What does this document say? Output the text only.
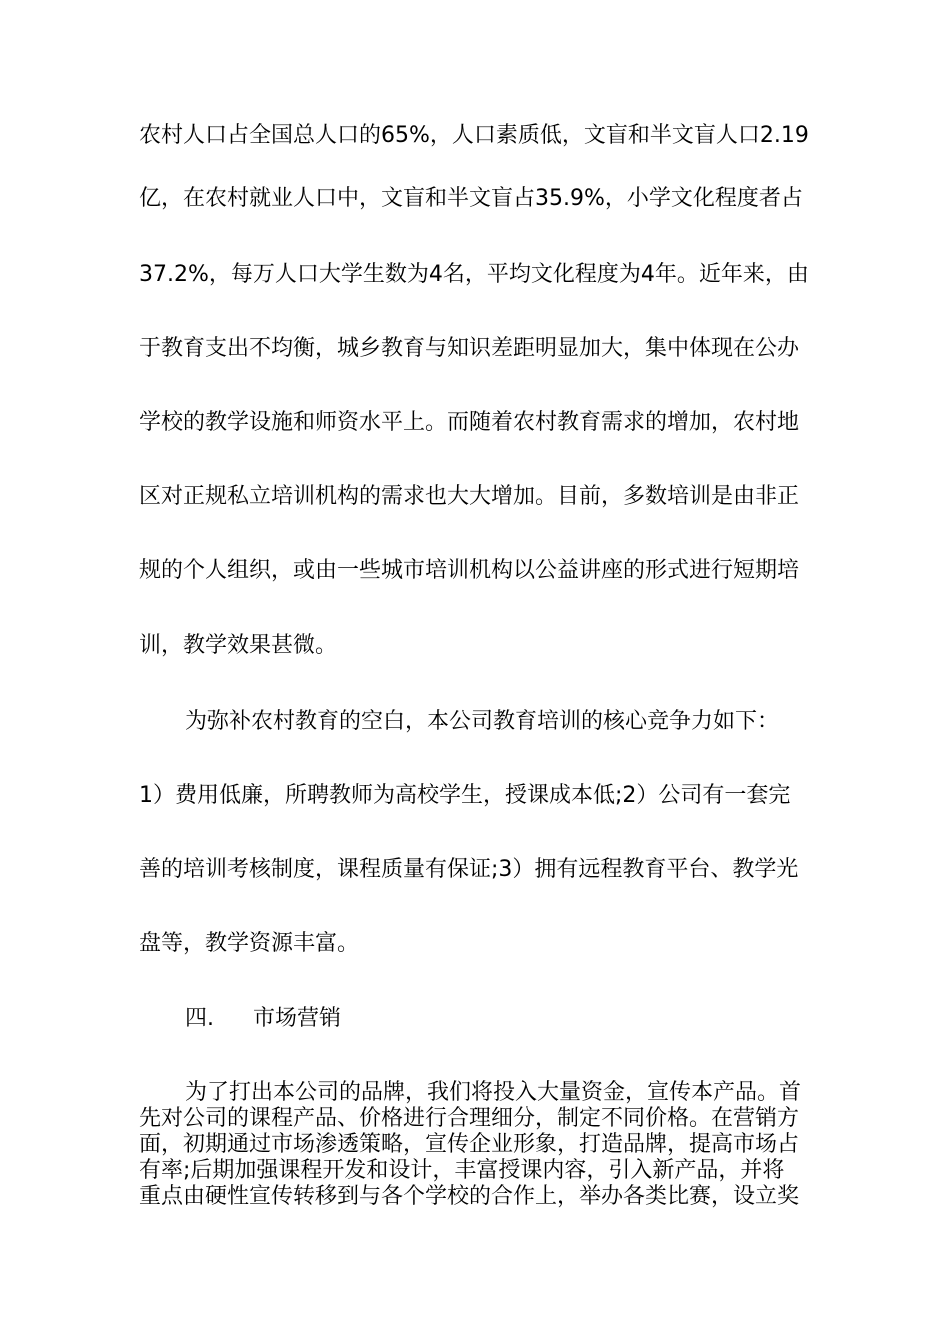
农村人口占全国总人口的65%，人口素质低，文盲和半文盲人口2.19
亿，在农村就业人口中，文盲和半文盲占35.9%，小学文化程度者占
37.2%，每万人口大学生数为4名，平均文化程度为4年。近年来，由
于教育支出不均衡，城乡教育与知识差距明显加大，集中体现在公办
学校的教学设施和师资水平上。而随着农村教育需求的增加，农村地
区对正规私立培训机构的需求也大大增加。目前，多数培训是由非正
规的个人组织，或由一些城市培训机构以公益讲座的形式进行短期培
训，教学效果甚微。
为弥补农村教育的空白，本公司教育培训的核心竞争力如下：
1）费用低廉，所聘教师为高校学生，授课成本低;2）公司有一套完
善的培训考核制度，课程质量有保证;3）拥有远程教育平台、教学光
盘等，教学资源丰富。
四. 市场营销
为了打出本公司的品牌，我们将投入大量资金，宣传本产品。首
先对公司的课程产品、价格进行合理细分，制定不同价格。在营销方
面，初期通过市场渗透策略，宣传企业形象，打造品牌，提高市场占
有率;后期加强课程开发和设计，丰富授课内容，引入新产品，并将
重点由硬性宣传转移到与各个学校的合作上，举办各类比赛，设立奖
